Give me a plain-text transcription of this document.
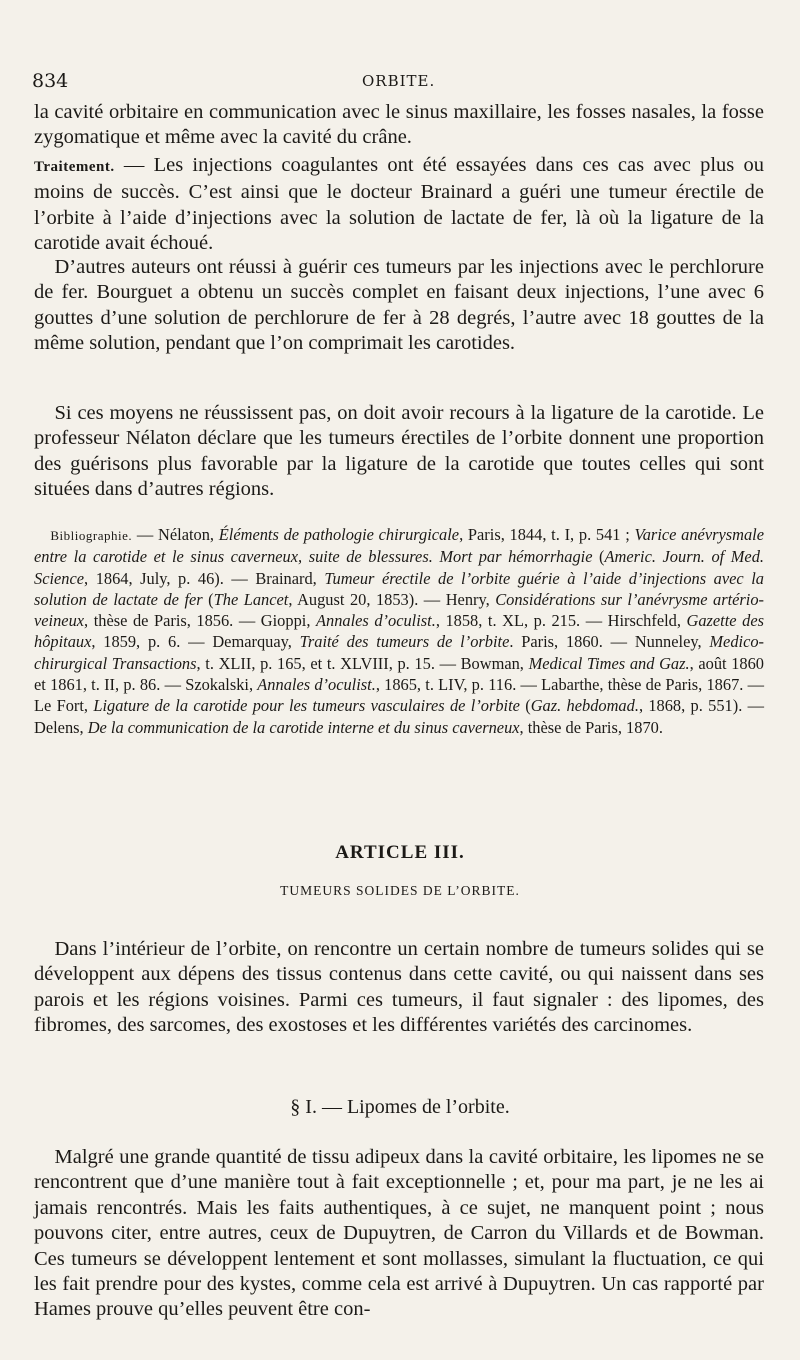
834	ORBITE.

la cavité orbitaire en communication avec le sinus maxillaire, les fosses nasales, la fosse zygomatique et même avec la cavité du crâne.

Traitement. — Les injections coagulantes ont été essayées dans ces cas avec plus ou moins de succès. C’est ainsi que le docteur Brainard a guéri une tumeur érectile de l’orbite à l’aide d’injections avec la solution de lactate de fer, là où la ligature de la carotide avait échoué.

 D’autres auteurs ont réussi à guérir ces tumeurs par les injections avec le perchlorure de fer. Bourguet a obtenu un succès complet en faisant deux injections, l’une avec 6 gouttes d’une solution de perchlorure de fer à 28 degrés, l’autre avec 18 gouttes de la même solution, pendant que l’on comprimait les carotides.

 Si ces moyens ne réussissent pas, on doit avoir recours à la ligature de la carotide. Le professeur Nélaton déclare que les tumeurs érectiles de l’orbite donnent une proportion des guérisons plus favorable par la ligature de la carotide que toutes celles qui sont situées dans d’autres régions.

 Bibliographie. — Nélaton, Éléments de pathologie chirurgicale, Paris, 1844, t. I, p. 541 ; Varice anévrysmale entre la carotide et le sinus caverneux, suite de blessures. Mort par hémorrhagie (Americ. Journ. of Med. Science, 1864, July, p. 46). — Brainard, Tumeur érectile de l’orbite guérie à l’aide d’injections avec la solution de lactate de fer (The Lancet, August 20, 1853). — Henry, Considérations sur l’anévrysme artério-veineux, thèse de Paris, 1856. — Gioppi, Annales d’oculist., 1858, t. XL, p. 215. — Hirschfeld, Gazette des hôpitaux, 1859, p. 6. — Demarquay, Traité des tumeurs de l’orbite. Paris, 1860. — Nunneley, Medico-chirurgical Transactions, t. XLII, p. 165, et t. XLVIII, p. 15. — Bowman, Medical Times and Gaz., août 1860 et 1861, t. II, p. 86. — Szokalski, Annales d’oculist., 1865, t. LIV, p. 116. — Labarthe, thèse de Paris, 1867. — Le Fort, Ligature de la carotide pour les tumeurs vasculaires de l’orbite (Gaz. hebdomad., 1868, p. 551). — Delens, De la communication de la carotide interne et du sinus caverneux, thèse de Paris, 1870.

ARTICLE III.
TUMEURS SOLIDES DE L’ORBITE.

 Dans l’intérieur de l’orbite, on rencontre un certain nombre de tumeurs solides qui se développent aux dépens des tissus contenus dans cette cavité, ou qui naissent dans ses parois et les régions voisines. Parmi ces tumeurs, il faut signaler : des lipomes, des fibromes, des sarcomes, des exostoses et les différentes variétés des carcinomes.

§ I. — Lipomes de l’orbite.

 Malgré une grande quantité de tissu adipeux dans la cavité orbitaire, les lipomes ne se rencontrent que d’une manière tout à fait exceptionnelle ; et, pour ma part, je ne les ai jamais rencontrés. Mais les faits authentiques, à ce sujet, ne manquent point ; nous pouvons citer, entre autres, ceux de Dupuytren, de Carron du Villards et de Bowman. Ces tumeurs se développent lentement et sont mollasses, simulant la fluctuation, ce qui les fait prendre pour des kystes, comme cela est arrivé à Dupuytren. Un cas rapporté par Hames prouve qu’elles peuvent être con-
